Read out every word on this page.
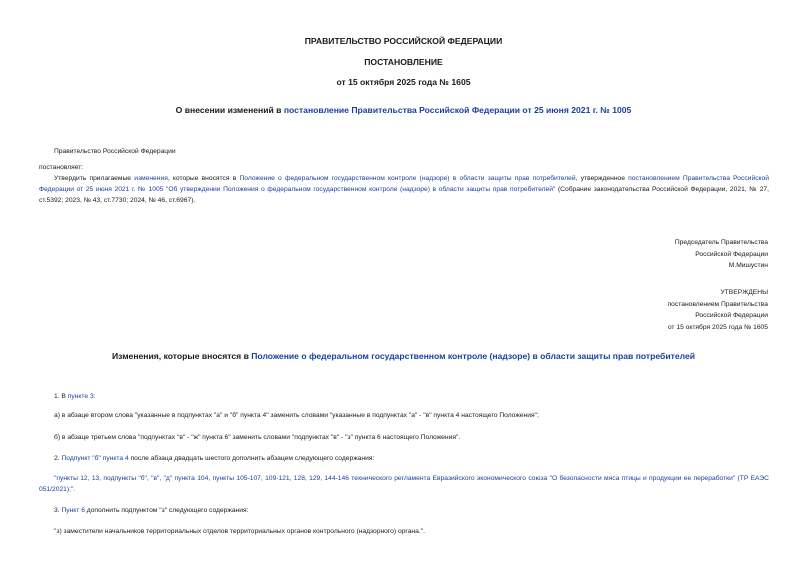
ПРАВИТЕЛЬСТВО РОССИЙСКОЙ ФЕДЕРАЦИИ
ПОСТАНОВЛЕНИЕ
от 15 октября 2025 года № 1605
О внесении изменений в постановление Правительства Российской Федерации от 25 июня 2021 г. № 1005
Правительство Российской Федерации
постановляет:
Утвердить прилагаемые изменения, которые вносятся в Положение о федеральном государственном контроле (надзоре) в области защиты прав потребителей, утвержденное постановлением Правительства Российской Федерации от 25 июня 2021 г. № 1005 "Об утверждении Положения о федеральном государственном контроле (надзоре) в области защиты прав потребителей" (Собрание законодательства Российской Федерации, 2021, № 27, ст.5392; 2023, № 43, ст.7730; 2024, № 46, ст.6967).
Председатель Правительства
Российской Федерации
М.Мишустин
УТВЕРЖДЕНЫ
постановлением Правительства
Российской Федерации
от 15 октября 2025 года № 1605
Изменения, которые вносятся в Положение о федеральном государственном контроле (надзоре) в области защиты прав потребителей
1. В пункте 3:
а) в абзаце втором слова "указанные в подпунктах "а" и "б" пункта 4" заменить словами "указанные в подпунктах "а" - "в" пункта 4 настоящего Положения";
б) в абзаце третьем слова "подпунктах "в" - "ж" пункта 6" заменить словами "подпунктах "в" - "з" пункта 6 настоящего Положения".
2. Подпункт "б" пункта 4 после абзаца двадцать шестого дополнить абзацем следующего содержания:
"пункты 12, 13, подпункты "б", "в", "д" пункта 104, пункты 105-107, 109-121, 128, 129, 144-146 технического регламента Евразийского экономического союза "О безопасности мяса птицы и продукции ее переработки" (ТР ЕАЭС 051/2021);".
3. Пункт 6 дополнить подпунктом "з" следующего содержания:
"з) заместители начальников территориальных отделов территориальных органов контрольного (надзорного) органа.".
